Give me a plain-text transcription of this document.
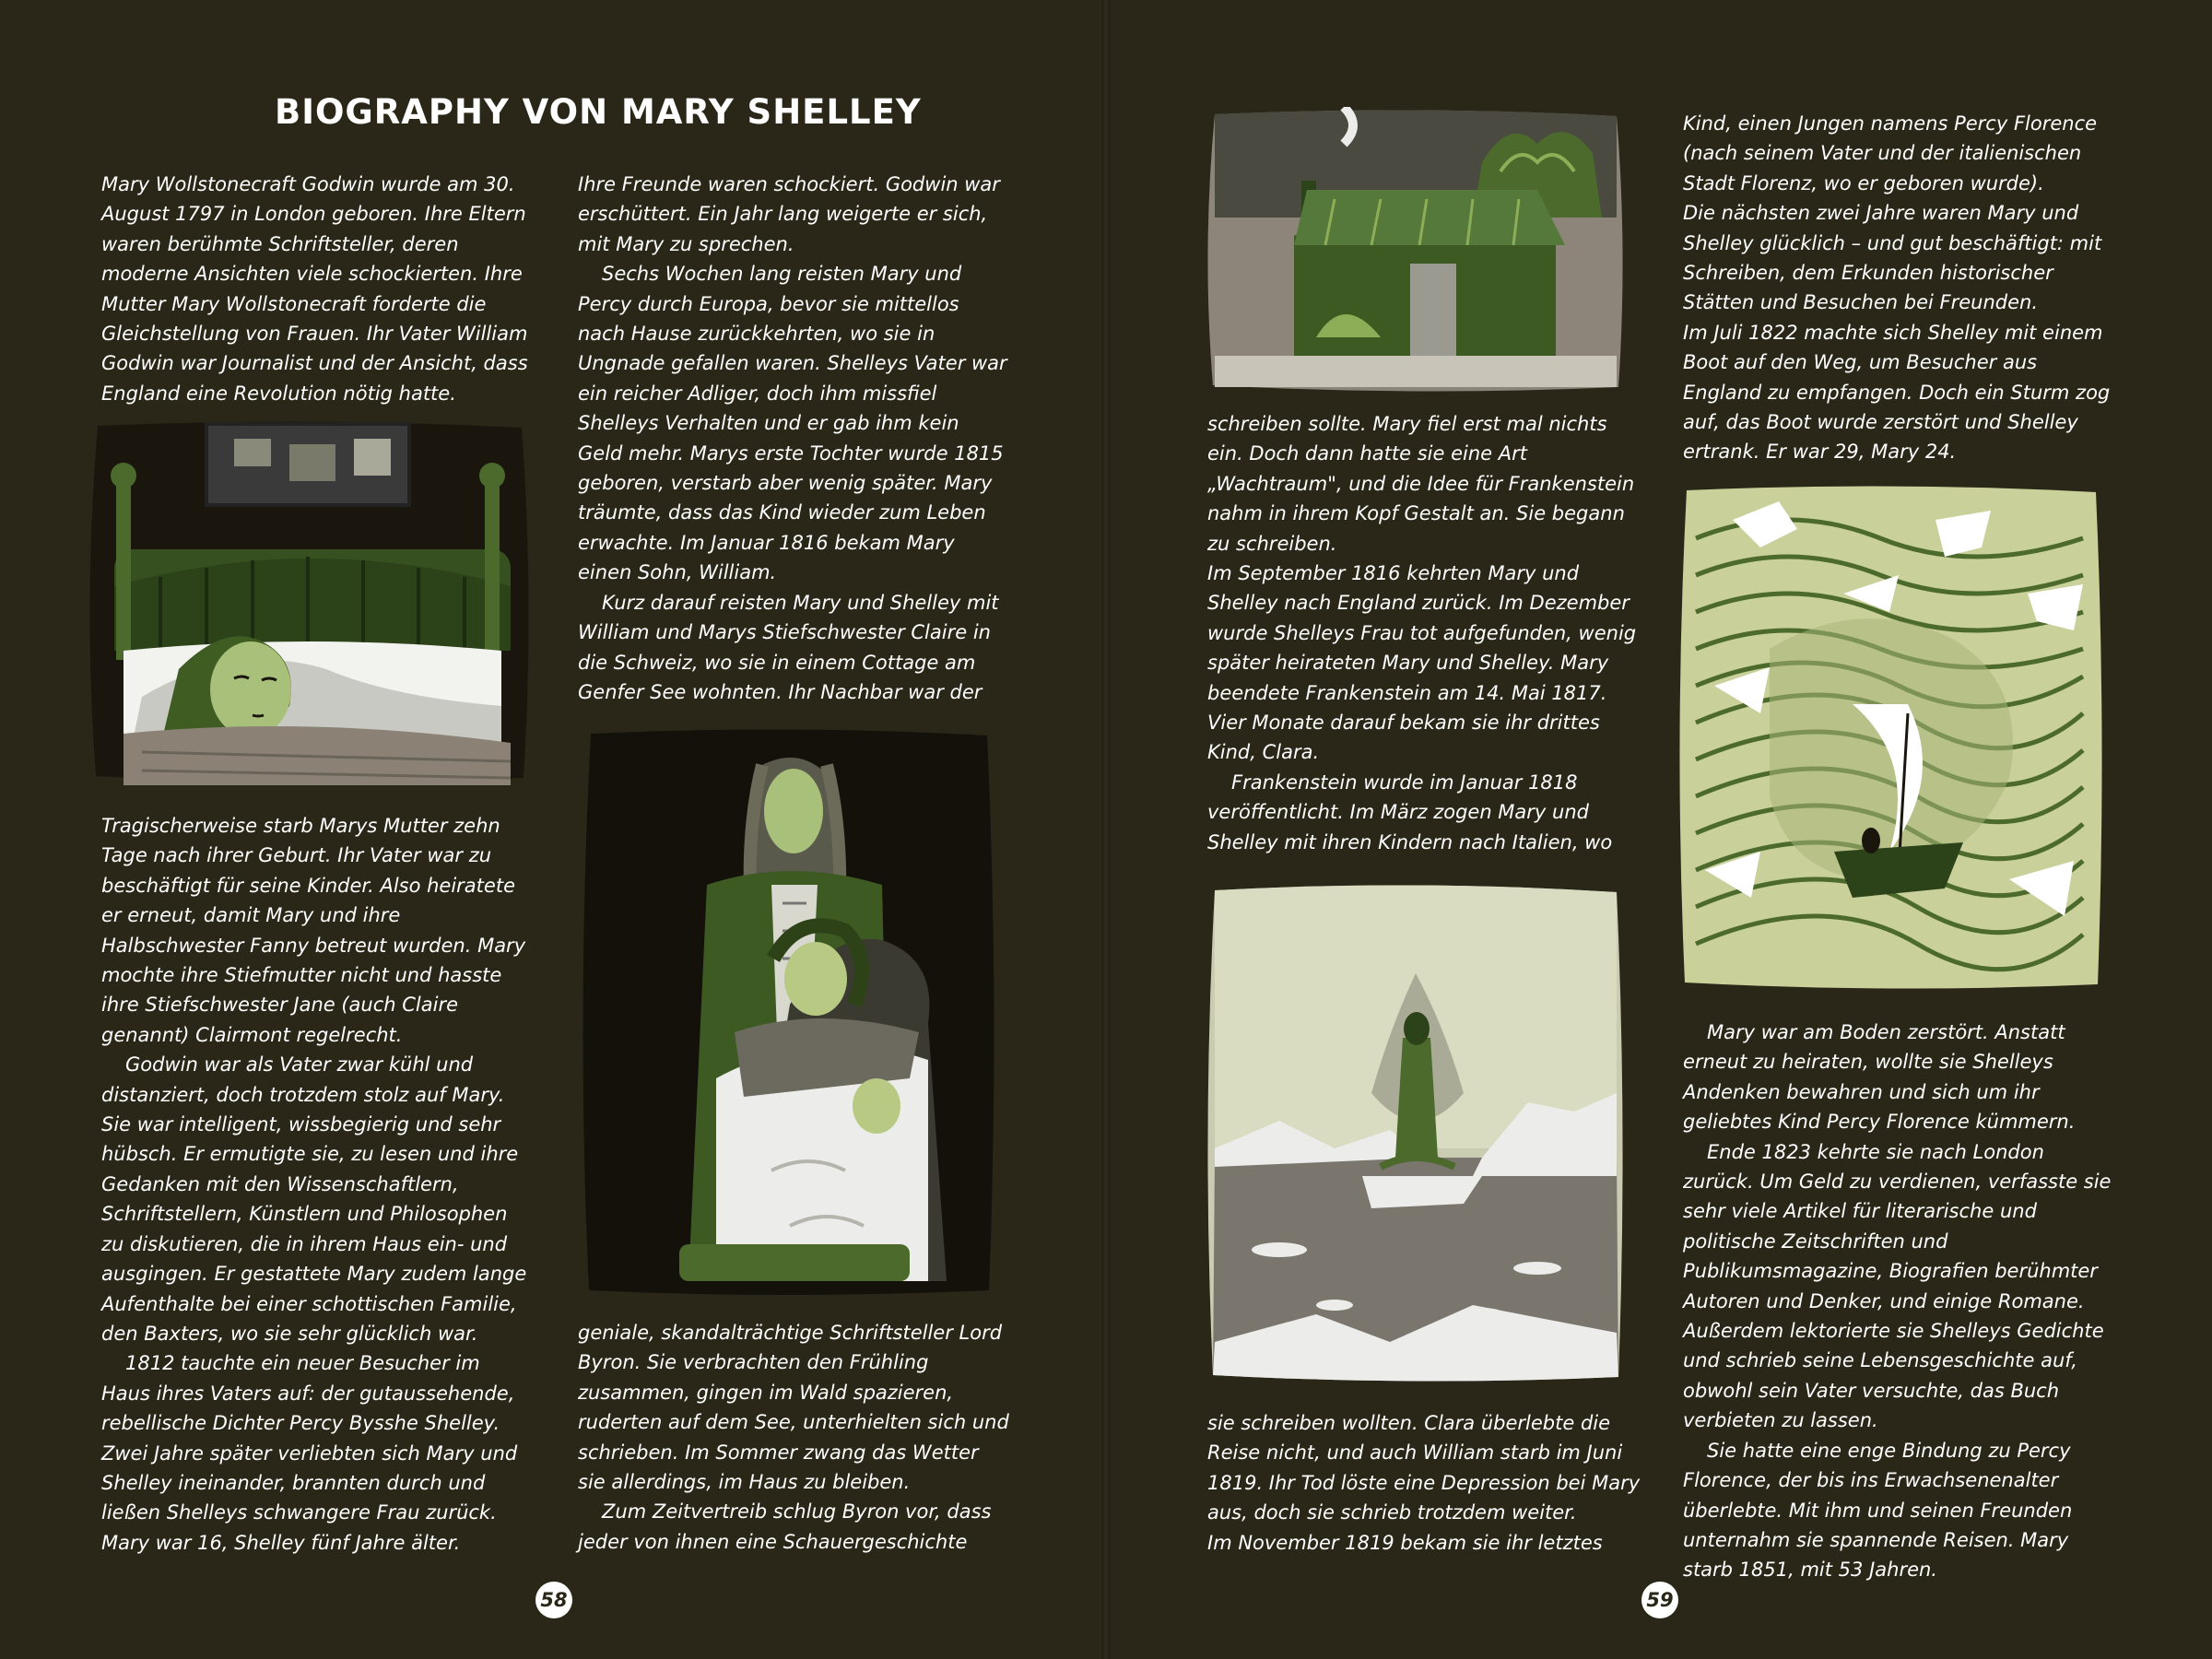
BIOGRAPHY VON MARY SHELLEY

Mary Wollstonecraft Godwin wurde am 30. August 1797 in London geboren. Ihre Eltern waren berühmte Schriftsteller, deren moderne Ansichten viele schockierten. Ihre Mutter Mary Wollstonecraft forderte die Gleichstellung von Frauen. Ihr Vater William Godwin war Journalist und der Ansicht, dass England eine Revolution nötig hatte.

Tragischerweise starb Marys Mutter zehn Tage nach ihrer Geburt. Ihr Vater war zu beschäftigt für seine Kinder. Also heiratete er erneut, damit Mary und ihre Halbschwester Fanny betreut wurden. Mary mochte ihre Stiefmutter nicht und hasste ihre Stiefschwester Jane (auch Claire genannt) Clairmont regelrecht.

Godwin war als Vater zwar kühl und distanziert, doch trotzdem stolz auf Mary. Sie war intelligent, wissbegierig und sehr hübsch. Er ermutigte sie, zu lesen und ihre Gedanken mit den Wissenschaftlern, Schriftstellern, Künstlern und Philosophen zu diskutieren, die in ihrem Haus ein- und ausgingen. Er gestattete Mary zudem lange Aufenthalte bei einer schottischen Familie, den Baxters, wo sie sehr glücklich war.

1812 tauchte ein neuer Besucher im Haus ihres Vaters auf: der gutaussehende, rebellische Dichter Percy Bysshe Shelley. Zwei Jahre später verliebten sich Mary und Shelley ineinander, brannten durch und ließen Shelleys schwangere Frau zurück. Mary war 16, Shelley fünf Jahre älter.

Ihre Freunde waren schockiert. Godwin war erschüttert. Ein Jahr lang weigerte er sich, mit Mary zu sprechen.

Sechs Wochen lang reisten Mary und Percy durch Europa, bevor sie mittellos nach Hause zurückkehrten, wo sie in Ungnade gefallen waren. Shelleys Vater war ein reicher Adliger, doch ihm missfiel Shelleys Verhalten und er gab ihm kein Geld mehr. Marys erste Tochter wurde 1815 geboren, verstarb aber wenig später. Mary träumte, dass das Kind wieder zum Leben erwachte. Im Januar 1816 bekam Mary einen Sohn, William.

Kurz darauf reisten Mary und Shelley mit William und Marys Stiefschwester Claire in die Schweiz, wo sie in einem Cottage am Genfer See wohnten. Ihr Nachbar war der

geniale, skandalträchtige Schriftsteller Lord Byron. Sie verbrachten den Frühling zusammen, gingen im Wald spazieren, ruderten auf dem See, unterhielten sich und schrieben. Im Sommer zwang das Wetter sie allerdings, im Haus zu bleiben.

Zum Zeitvertreib schlug Byron vor, dass jeder von ihnen eine Schauergeschichte

58

schreiben sollte. Mary fiel erst mal nichts ein. Doch dann hatte sie eine Art „Wachtraum", und die Idee für Frankenstein nahm in ihrem Kopf Gestalt an. Sie begann zu schreiben.

Im September 1816 kehrten Mary und Shelley nach England zurück. Im Dezember wurde Shelleys Frau tot aufgefunden, wenig später heirateten Mary und Shelley. Mary beendete Frankenstein am 14. Mai 1817. Vier Monate darauf bekam sie ihr drittes Kind, Clara.

Frankenstein wurde im Januar 1818 veröffentlicht. Im März zogen Mary und Shelley mit ihren Kindern nach Italien, wo

sie schreiben wollten. Clara überlebte die Reise nicht, und auch William starb im Juni 1819. Ihr Tod löste eine Depression bei Mary aus, doch sie schrieb trotzdem weiter.

Im November 1819 bekam sie ihr letztes

Kind, einen Jungen namens Percy Florence (nach seinem Vater und der italienischen Stadt Florenz, wo er geboren wurde).

Die nächsten zwei Jahre waren Mary und Shelley glücklich – und gut beschäftigt: mit Schreiben, dem Erkunden historischer Stätten und Besuchen bei Freunden.

Im Juli 1822 machte sich Shelley mit einem Boot auf den Weg, um Besucher aus England zu empfangen. Doch ein Sturm zog auf, das Boot wurde zerstört und Shelley ertrank. Er war 29, Mary 24.

Mary war am Boden zerstört. Anstatt erneut zu heiraten, wollte sie Shelleys Andenken bewahren und sich um ihr geliebtes Kind Percy Florence kümmern.

Ende 1823 kehrte sie nach London zurück. Um Geld zu verdienen, verfasste sie sehr viele Artikel für literarische und politische Zeitschriften und Publikumsmagazine, Biografien berühmter Autoren und Denker, und einige Romane. Außerdem lektorierte sie Shelleys Gedichte und schrieb seine Lebensgeschichte auf, obwohl sein Vater versuchte, das Buch verbieten zu lassen.

Sie hatte eine enge Bindung zu Percy Florence, der bis ins Erwachsenenalter überlebte. Mit ihm und seinen Freunden unternahm sie spannende Reisen. Mary starb 1851, mit 53 Jahren.

59
